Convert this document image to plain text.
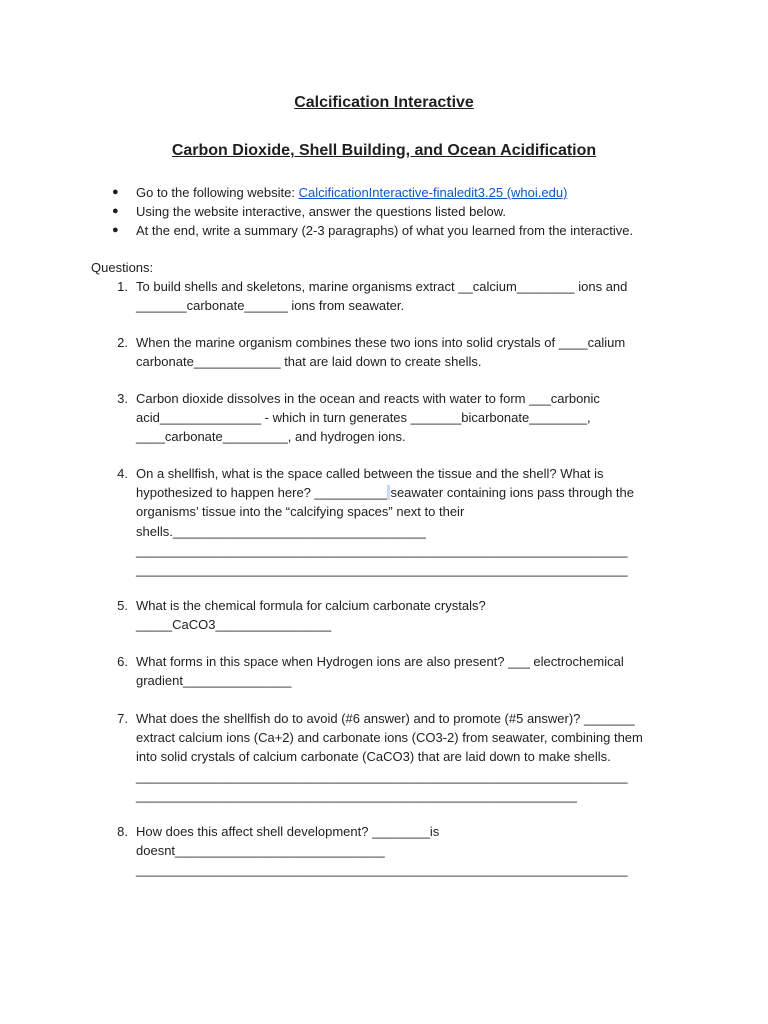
Calcification Interactive
Carbon Dioxide, Shell Building, and Ocean Acidification
● Go to the following website: CalcificationInteractive-finaledit3.25 (whoi.edu)
● Using the website interactive, answer the questions listed below.
● At the end, write a summary (2-3 paragraphs) of what you learned from the interactive.
Questions:
1. To build shells and skeletons, marine organisms extract __calcium________ ions and
_______carbonate______ ions from seawater.
2. When the marine organism combines these two ions into solid crystals of ____calium
carbonate____________ that are laid down to create shells.
3. Carbon dioxide dissolves in the ocean and reacts with water to form ___carbonic
acid______________ - which in turn generates _______bicarbonate________,
____carbonate_________, and hydrogen ions.
4. On a shellfish, what is the space called between the tissue and the shell? What is
hypothesized to happen here? __________ seawater containing ions pass through the
organisms’ tissue into the “calcifying spaces” next to their
shells.___________________________________
____________________________________________________________________
____________________________________________________________________
5. What is the chemical formula for calcium carbonate crystals?
_____CaCO3________________
6. What forms in this space when Hydrogen ions are also present? ___ electrochemical
gradient_______________
7. What does the shellfish do to avoid (#6 answer) and to promote (#5 answer)? _______
extract calcium ions (Ca+2) and carbonate ions (CO3-2) from seawater, combining them
into solid crystals of calcium carbonate (CaCO3) that are laid down to make shells.
____________________________________________________________________
_____________________________________________________________
8. How does this affect shell development? ________is
doesnt_____________________________
____________________________________________________________________
